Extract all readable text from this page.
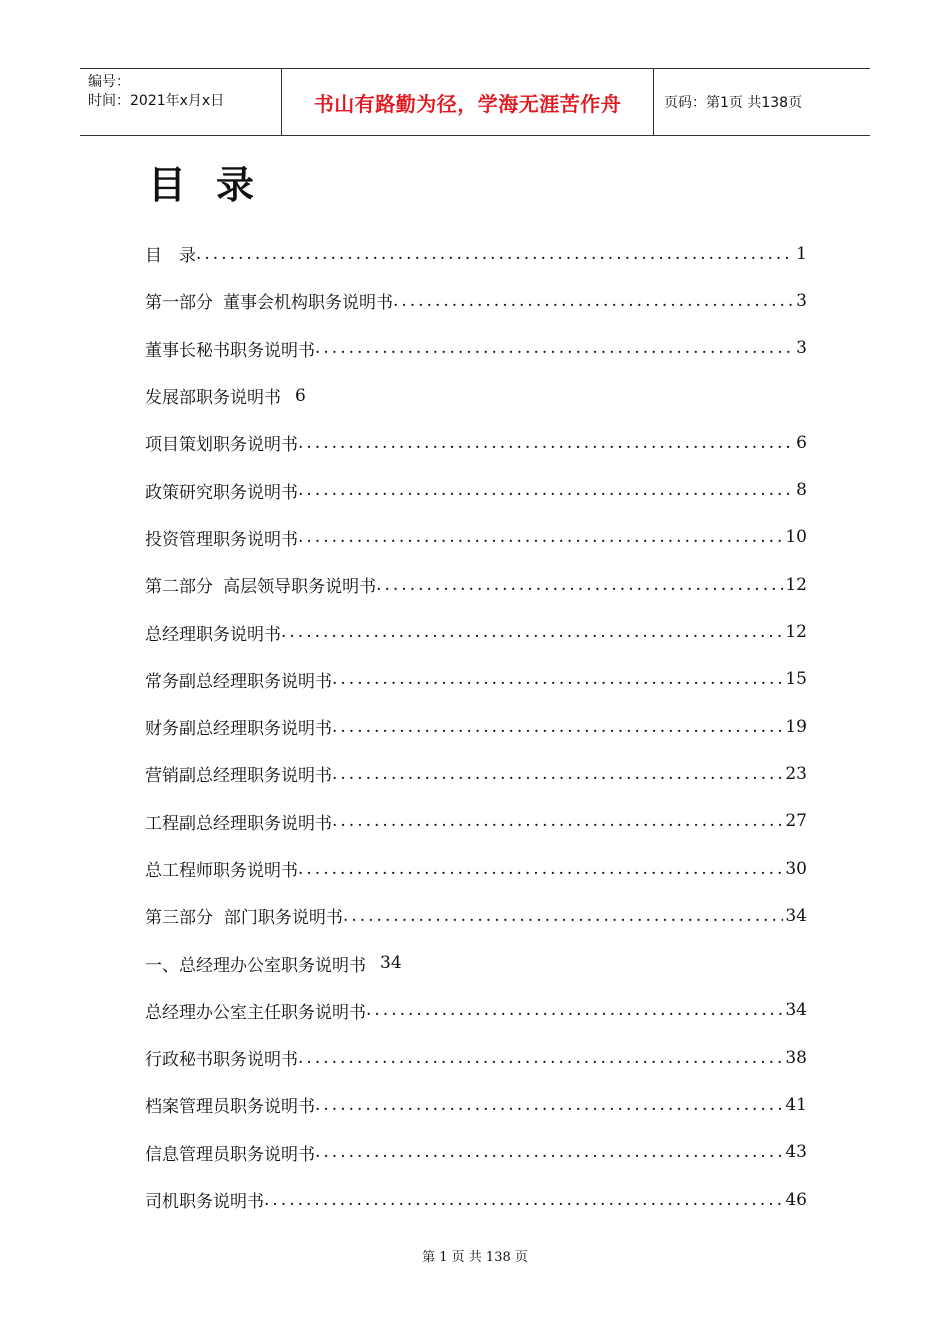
编号：
时间：2021年x月x日	书山有路勤为径，学海无涯苦作舟	页码：第1页 共138页
目录
目　录 .....	1
第一部分 董事会机构职务说明书 .....	3
董事长秘书职务说明书 .....	3
发展部职务说明书 6
项目策划职务说明书 .....	6
政策研究职务说明书 .....	8
投资管理职务说明书 .....	10
第二部分 高层领导职务说明书 .....	12
总经理职务说明书 .....	12
常务副总经理职务说明书 .....	15
财务副总经理职务说明书 .....	19
营销副总经理职务说明书 .....	23
工程副总经理职务说明书 .....	27
总工程师职务说明书 .....	30
第三部分 部门职务说明书 .....	34
一、总经理办公室职务说明书 34
总经理办公室主任职务说明书 .....	34
行政秘书职务说明书 .....	38
档案管理员职务说明书 .....	41
信息管理员职务说明书 .....	43
司机职务说明书 .....	46
第 1 页 共 138 页
